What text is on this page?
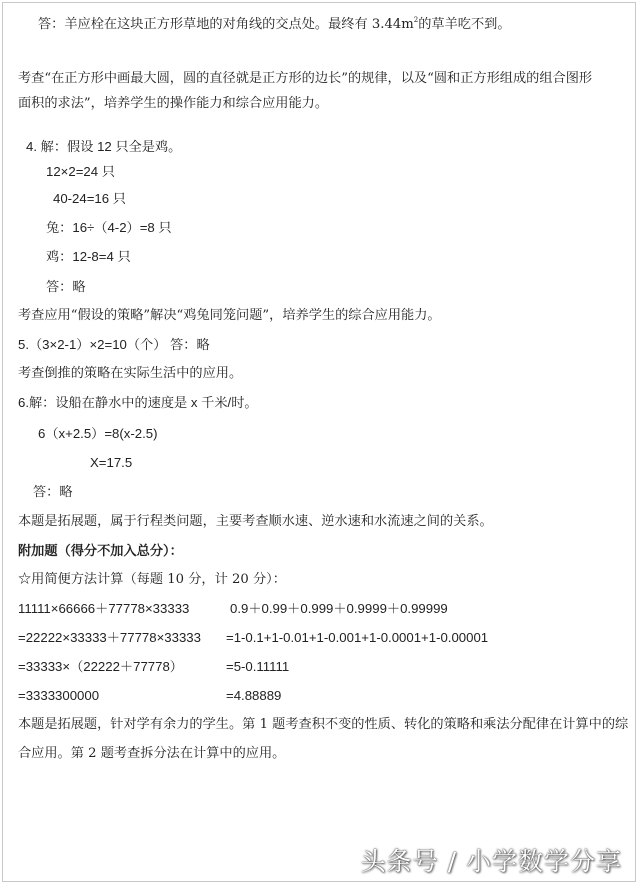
答：羊应栓在这块正方形草地的对角线的交点处。最终有 $3.44m^2$的草羊吃不到。
考查“在正方形中画最大圆，圆的直径就是正方形的边长”的规律，以及“圆和正方形组成的组合图形
面积的求法”，培养学生的操作能力和综合应用能力。
4. 解：假设 12 只全是鸡。
12×2=24 只
40-24=16 只
兔：16÷（4-2）=8 只
鸡：12-8=4 只
答：略
考查应用“假设的策略”解决“鸡兔同笼问题”，培养学生的综合应用能力。
5.（3×2-1）×2=10（个） 答：略
考查倒推的策略在实际生活中的应用。
6.解：设船在静水中的速度是 x 千米/时。
6（x+2.5）=8(x-2.5)
X=17.5
答：略
本题是拓展题，属于行程类问题，主要考查顺水速、逆水速和水流速之间的关系。
附加题（得分不加入总分）：
☆用简便方法计算（每题 10 分，计 20 分）：
11111×66666＋77778×33333	0.9＋0.99＋0.999＋0.9999＋0.99999
=22222×33333＋77778×33333 =1-0.1+1-0.01+1-0.001+1-0.0001+1-0.00001
=33333×（22222＋77778）	=5-0.11111
=3333300000	=4.88889
本题是拓展题，针对学有余力的学生。第 1 题考查积不变的性质、转化的策略和乘法分配律在计算中的综
合应用。第 2 题考查拆分法在计算中的应用。
头条号 / 小学数学分享
